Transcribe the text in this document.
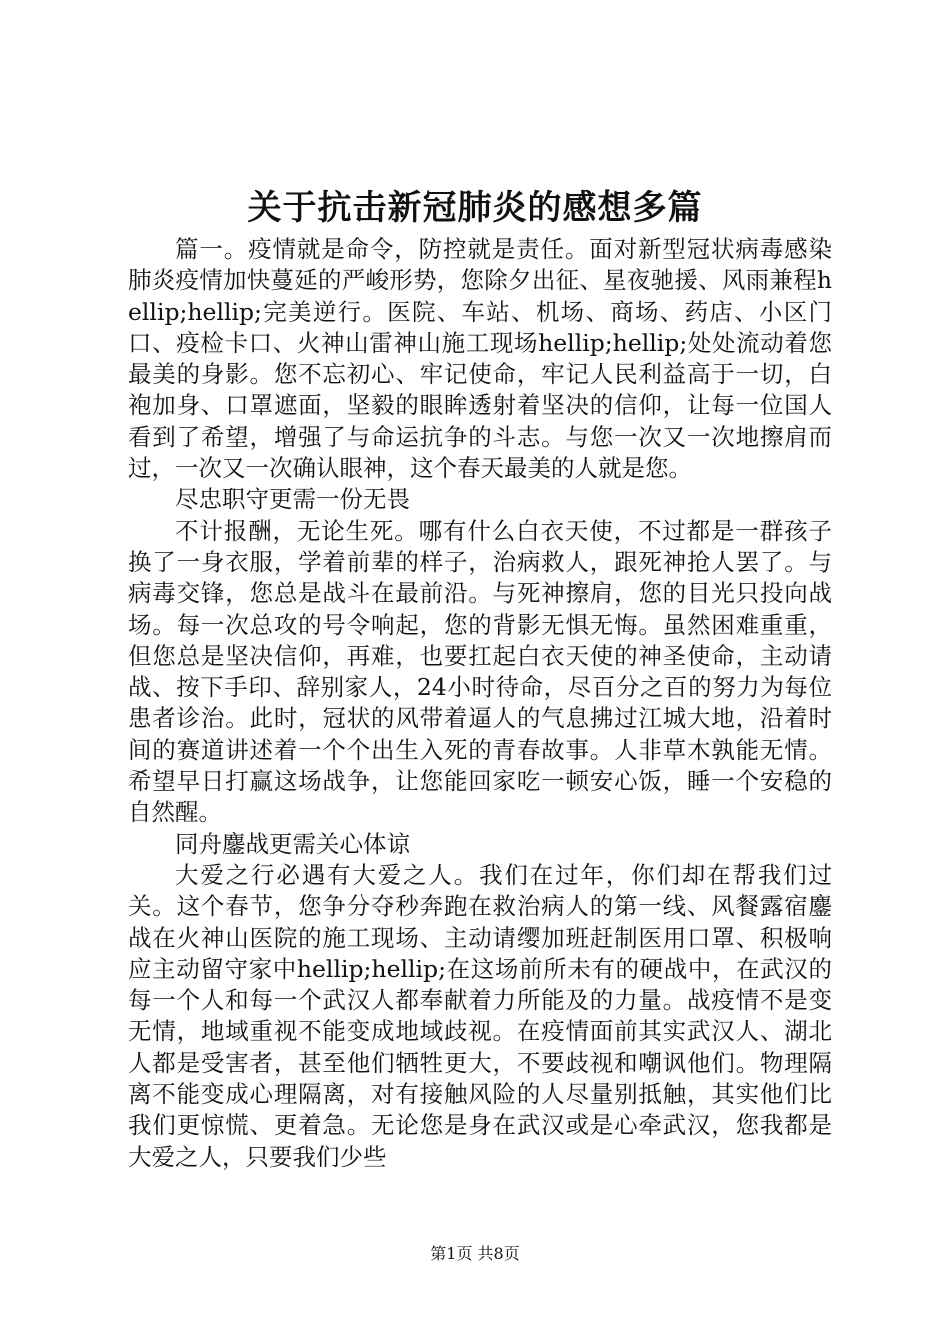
关于抗击新冠肺炎的感想多篇

篇一。疫情就是命令，防控就是责任。面对新型冠状病毒感染肺炎疫情加快蔓延的严峻形势，您除夕出征、星夜驰援、风雨兼程hellip;hellip;完美逆行。医院、车站、机场、商场、药店、小区门口、疫检卡口、火神山雷神山施工现场hellip;hellip;处处流动着您最美的身影。您不忘初心、牢记使命，牢记人民利益高于一切，白袍加身、口罩遮面，坚毅的眼眸透射着坚决的信仰，让每一位国人看到了希望，增强了与命运抗争的斗志。与您一次又一次地擦肩而过，一次又一次确认眼神，这个春天最美的人就是您。

尽忠职守更需一份无畏

不计报酬，无论生死。哪有什么白衣天使，不过都是一群孩子换了一身衣服，学着前辈的样子，治病救人，跟死神抢人罢了。与病毒交锋，您总是战斗在最前沿。与死神擦肩，您的目光只投向战场。每一次总攻的号令响起，您的背影无惧无悔。虽然困难重重，但您总是坚决信仰，再难，也要扛起白衣天使的神圣使命，主动请战、按下手印、辞别家人，24小时待命，尽百分之百的努力为每位患者诊治。此时，冠状的风带着逼人的气息拂过江城大地，沿着时间的赛道讲述着一个个出生入死的青春故事。人非草木孰能无情。希望早日打赢这场战争，让您能回家吃一顿安心饭，睡一个安稳的自然醒。

同舟鏖战更需关心体谅

大爱之行必遇有大爱之人。我们在过年，你们却在帮我们过关。这个春节，您争分夺秒奔跑在救治病人的第一线、风餐露宿鏖战在火神山医院的施工现场、主动请缨加班赶制医用口罩、积极响应主动留守家中hellip;hellip;在这场前所未有的硬战中，在武汉的每一个人和每一个武汉人都奉献着力所能及的力量。战疫情不是变无情，地域重视不能变成地域歧视。在疫情面前其实武汉人、湖北人都是受害者，甚至他们牺牲更大，不要歧视和嘲讽他们。物理隔离不能变成心理隔离，对有接触风险的人尽量别抵触，其实他们比我们更惊慌、更着急。无论您是身在武汉或是心牵武汉，您我都是大爱之人，只要我们少些

第1页 共8页
